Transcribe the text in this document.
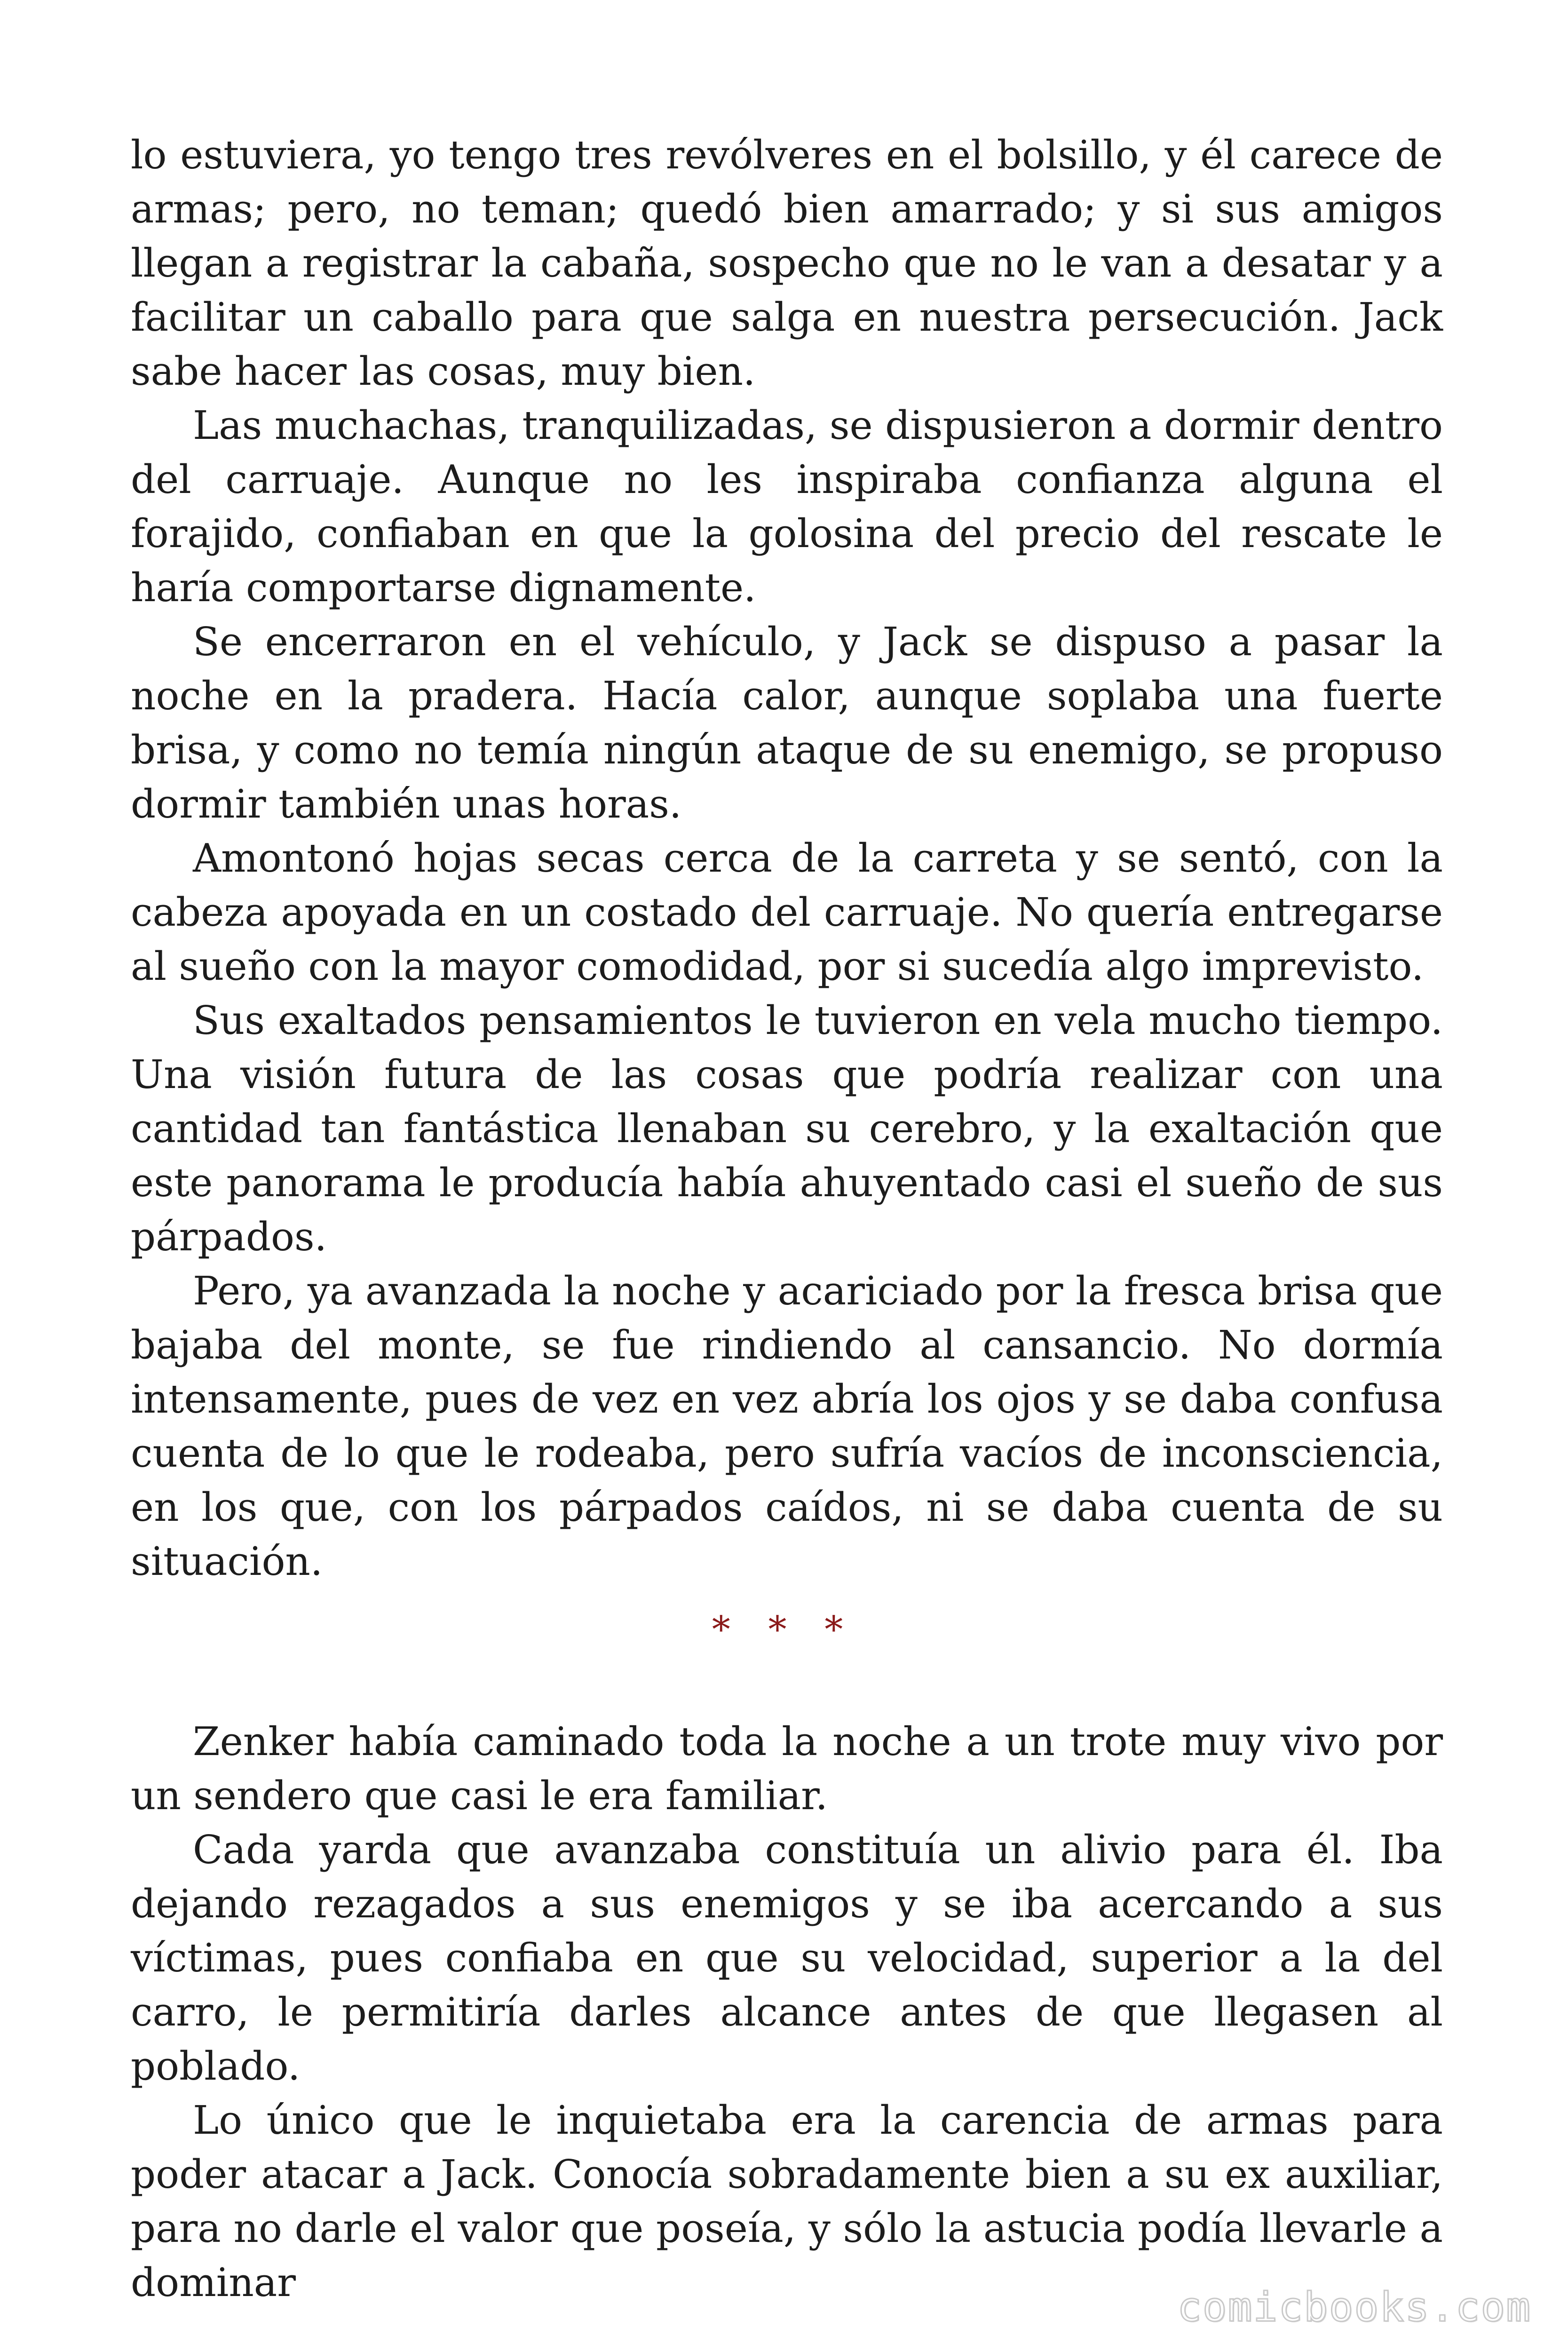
lo estuviera, yo tengo tres revólveres en el bolsillo, y él carece de armas; pero, no teman; quedó bien amarrado; y si sus amigos llegan a registrar la cabaña, sospecho que no le van a desatar y a facilitar un caballo para que salga en nuestra persecución. Jack sabe hacer las cosas, muy bien.

Las muchachas, tranquilizadas, se dispusieron a dormir dentro del carruaje. Aunque no les inspiraba confianza alguna el forajido, confiaban en que la golosina del precio del rescate le haría comportarse dignamente.

Se encerraron en el vehículo, y Jack se dispuso a pasar la noche en la pradera. Hacía calor, aunque soplaba una fuerte brisa, y como no temía ningún ataque de su enemigo, se propuso dormir también unas horas.

Amontonó hojas secas cerca de la carreta y se sentó, con la cabeza apoyada en un costado del carruaje. No quería entregarse al sueño con la mayor comodidad, por si sucedía algo imprevisto.

Sus exaltados pensamientos le tuvieron en vela mucho tiempo. Una visión futura de las cosas que podría realizar con una cantidad tan fantástica llenaban su cerebro, y la exaltación que este panorama le producía había ahuyentado casi el sueño de sus párpados.

Pero, ya avanzada la noche y acariciado por la fresca brisa que bajaba del monte, se fue rindiendo al cansancio. No dormía intensamente, pues de vez en vez abría los ojos y se daba confusa cuenta de lo que le rodeaba, pero sufría vacíos de inconsciencia, en los que, con los párpados caídos, ni se daba cuenta de su situación.

* * *

Zenker había caminado toda la noche a un trote muy vivo por un sendero que casi le era familiar.

Cada yarda que avanzaba constituía un alivio para él. Iba dejando rezagados a sus enemigos y se iba acercando a sus víctimas, pues confiaba en que su velocidad, superior a la del carro, le permitiría darles alcance antes de que llegasen al poblado.

Lo único que le inquietaba era la carencia de armas para poder atacar a Jack. Conocía sobradamente bien a su ex auxiliar, para no darle el valor que poseía, y sólo la astucia podía llevarle a dominar

comicbooks.com
